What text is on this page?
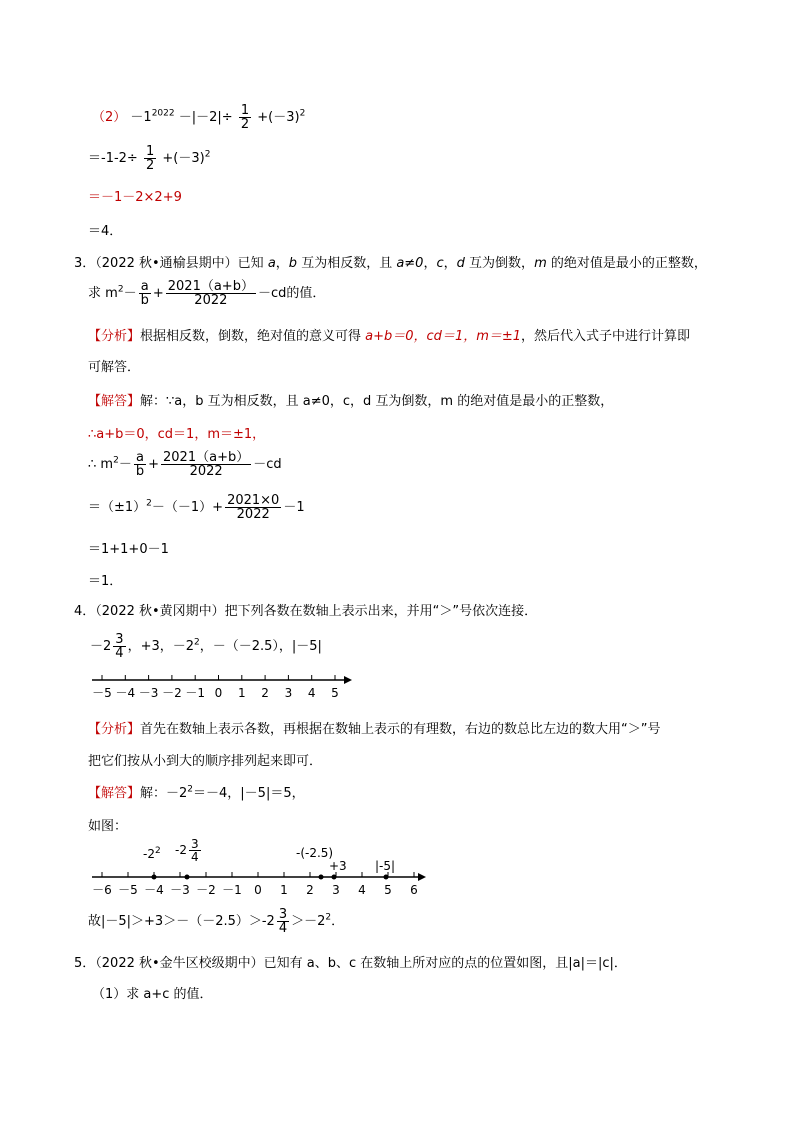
$(2) -1^{2022} -|-2|\div \frac{1}{2} +(-3)^2$
$=-1-2\div \frac{1}{2} +(-3)^2$
＝－1－2×2+9
＝4．
3．（2022 秋•通榆县期中）已知 a，b 互为相反数，且 a≠0，c，d 互为倒数，m 的绝对值是最小的正整数，
求 $m^2- \frac{a}{b} + \frac{2021(a+b)}{2022} -cd$的值．
【分析】根据相反数，倒数，绝对值的意义可得 a+b＝0，cd＝1，m＝±1，然后代入式子中进行计算即
可解答．
【解答】解：∵a，b 互为相反数，且 a≠0，c，d 互为倒数，m 的绝对值是最小的正整数，
∴a+b＝0，cd＝1，m＝±1，
∴ $m^2- \frac{a}{b} + \frac{2021(a+b)}{2022} -cd$
$=(\pm 1)^2-(-1)+ \frac{2021\times 0}{2022} -1$
＝1+1+0－1
＝1．
4．（2022 秋•黄冈期中）把下列各数在数轴上表示出来，并用“＞”号依次连接．
$-2 \frac{3}{4}$ ，+3，$-2^2$，－（－2.5），|－5|
－5 －4 －3 －2 －1 0 1 2 3 4 5
【分析】首先在数轴上表示各数，再根据在数轴上表示的有理数，右边的数总比左边的数大用“＞”号
把它们按从小到大的顺序排列起来即可．
【解答】解：$-2^2=-4$，|－5|＝5，
如图：
－6 －5 －4 －3 －2 －1 0 1 2 3 4 5 6
$-2^2$ $-2 \frac{3}{4}$	-(-2.5)
+3 |-5|
故$|-5|>+3>-(-2.5)>-2 \frac{3}{4} >-2^2$．
5．（2022 秋•金牛区校级期中）已知有 a、b、c 在数轴上所对应的点的位置如图，且|a|＝|c|．
（1）求 a+c 的值．
